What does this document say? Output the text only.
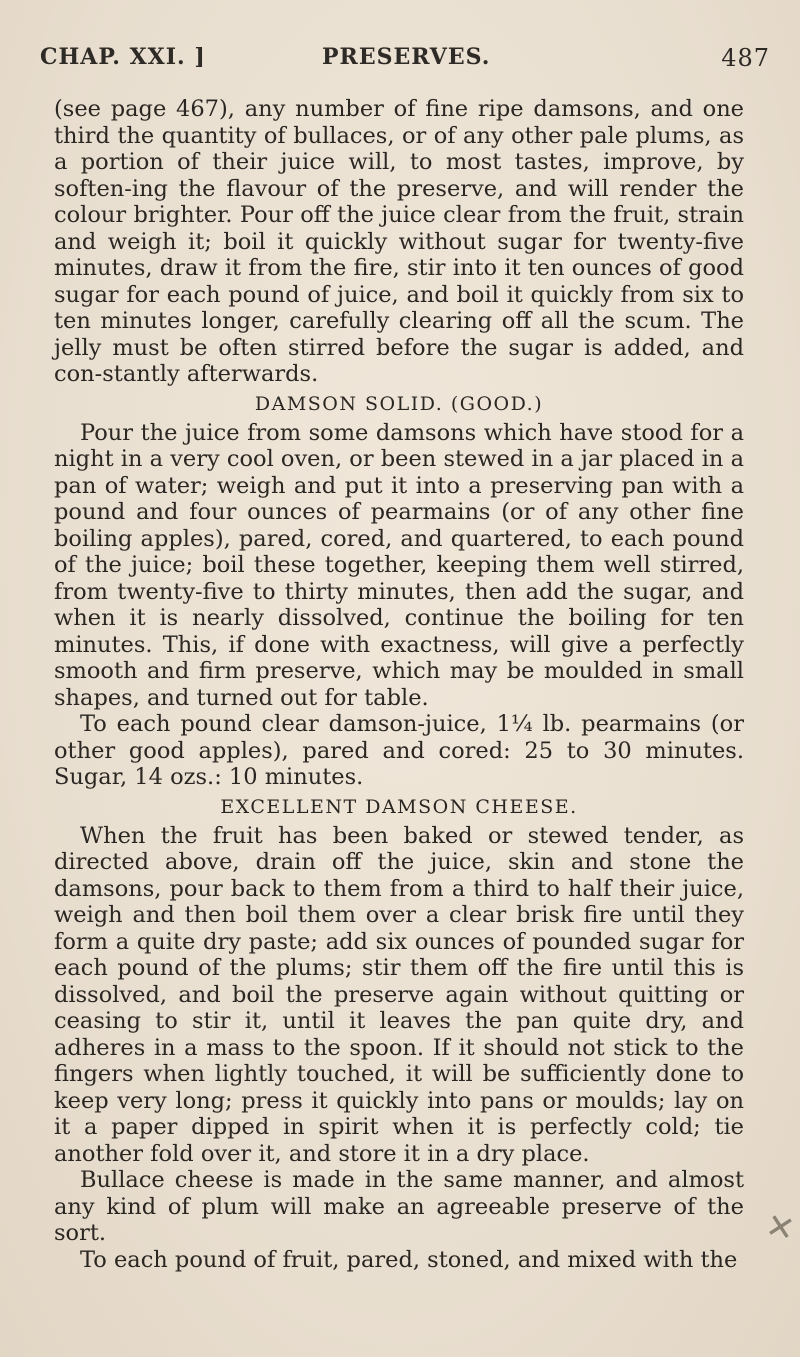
CHAP. XXI. ]	PRESERVES.	487

(see page 467), any number of fine ripe damsons, and one third the quantity of bullaces, or of any other pale plums, as a portion of their juice will, to most tastes, improve, by soften-ing the flavour of the preserve, and will render the colour brighter. Pour off the juice clear from the fruit, strain and weigh it; boil it quickly without sugar for twenty-five minutes, draw it from the fire, stir into it ten ounces of good sugar for each pound of juice, and boil it quickly from six to ten minutes longer, carefully clearing off all the scum. The jelly must be often stirred before the sugar is added, and con-stantly afterwards.

DAMSON SOLID. (GOOD.)

Pour the juice from some damsons which have stood for a night in a very cool oven, or been stewed in a jar placed in a pan of water; weigh and put it into a preserving pan with a pound and four ounces of pearmains (or of any other fine boiling apples), pared, cored, and quartered, to each pound of the juice; boil these together, keeping them well stirred, from twenty-five to thirty minutes, then add the sugar, and when it is nearly dissolved, continue the boiling for ten minutes. This, if done with exactness, will give a perfectly smooth and firm preserve, which may be moulded in small shapes, and turned out for table.

To each pound clear damson-juice, 1¼ lb. pearmains (or other good apples), pared and cored: 25 to 30 minutes. Sugar, 14 ozs.: 10 minutes.

EXCELLENT DAMSON CHEESE.

When the fruit has been baked or stewed tender, as directed above, drain off the juice, skin and stone the damsons, pour back to them from a third to half their juice, weigh and then boil them over a clear brisk fire until they form a quite dry paste; add six ounces of pounded sugar for each pound of the plums; stir them off the fire until this is dissolved, and boil the preserve again without quitting or ceasing to stir it, until it leaves the pan quite dry, and adheres in a mass to the spoon. If it should not stick to the fingers when lightly touched, it will be sufficiently done to keep very long; press it quickly into pans or moulds; lay on it a paper dipped in spirit when it is perfectly cold; tie another fold over it, and store it in a dry place.

Bullace cheese is made in the same manner, and almost any kind of plum will make an agreeable preserve of the sort.

To each pound of fruit, pared, stoned, and mixed with the

✕
